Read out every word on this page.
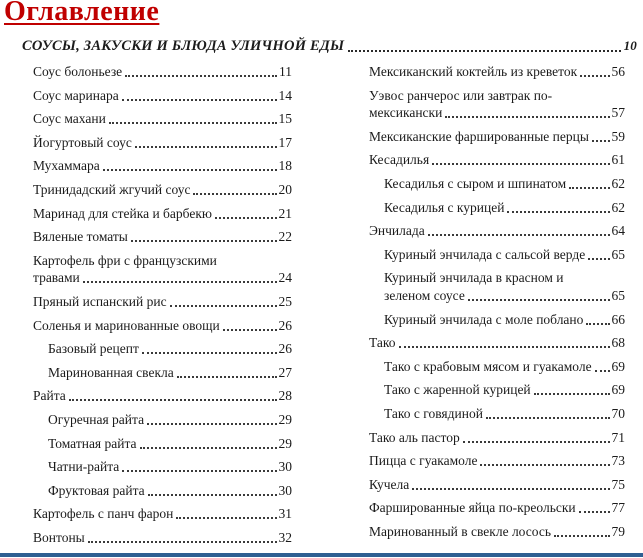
Оглавление
СОУСЫ, ЗАКУСКИ И БЛЮДА УЛИЧНОЙ ЕДЫ	10
Соус болоньезе	11
Соус маринара	14
Соус махани	15
Йогуртовый соус	17
Мухаммара	18
Тринидадский жгучий соус	20
Маринад для стейка и барбекю	21
Вяленые томаты	22
Картофель фри с французскими
травами	24
Пряный испанский рис	25
Соленья и маринованные овощи	26
Базовый рецепт	26
Маринованная свекла	27
Райта	28
Огуречная райта	29
Томатная райта	29
Чатни-райта	30
Фруктовая райта	30
Картофель с панч фарон	31
Вонтоны	32
Мексиканский коктейль из креветок	56
Уэвос ранчерос или завтрак по-
мексикански	57
Мексиканские фаршированные перцы 59
Кесадилья	61
Кесадилья с сыром и шпинатом	62
Кесадилья с курицей	62
Энчилада	64
Куриный энчилада с сальсой верде 65
Куриный энчилада в красном и
зеленом соусе	65
Куриный энчилада с моле поблано 66
Тако	68
Тако с крабовым мясом и гуакамоле 69
Тако с жаренной курицей	69
Тако с говядиной	70
Тако аль пастор	71
Пицца с гуакамоле	73
Кучела	75
Фаршированные яйца по-креольски	77
Маринованный в свекле лосось	79
